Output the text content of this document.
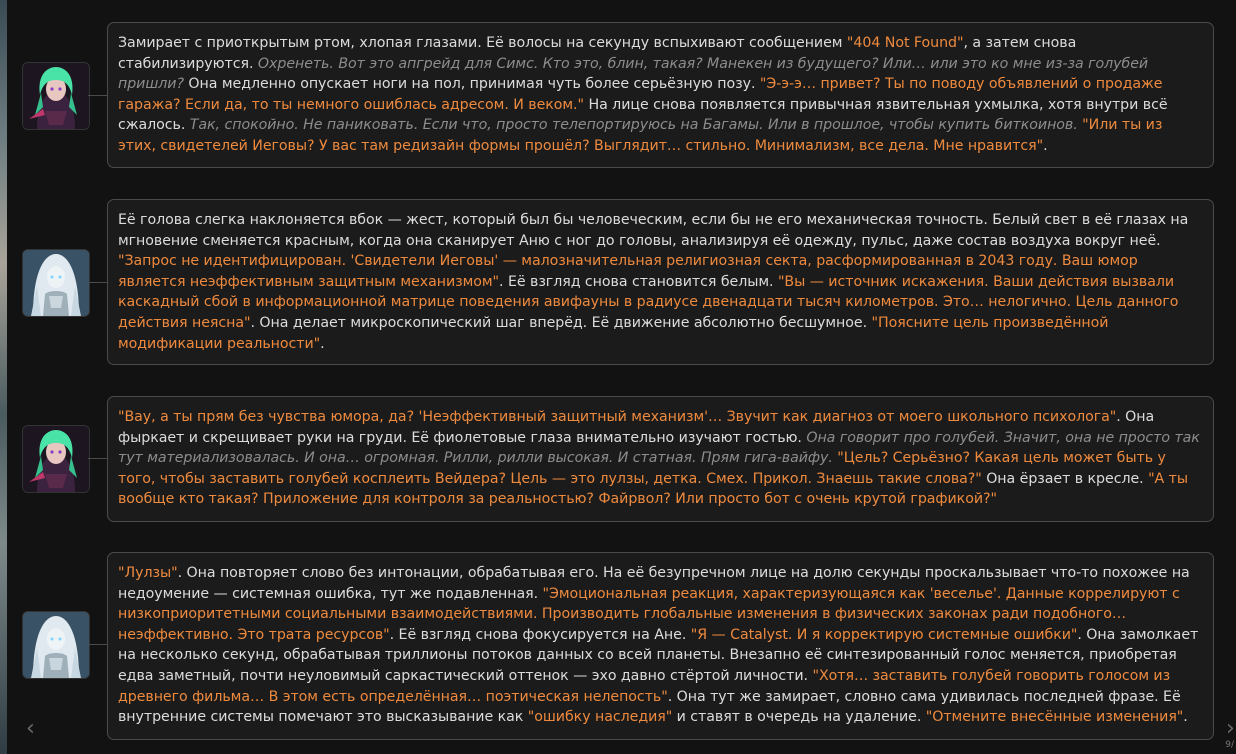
Замирает с приоткрытым ртом, хлопая глазами. Её волосы на секунду вспыхивают сообщением "404 Not Found", а затем снова стабилизируются. Охренеть. Вот это апгрейд для Симс. Кто это, блин, такая? Манекен из будущего? Или… или это ко мне из-за голубей пришли? Она медленно опускает ноги на пол, принимая чуть более серьёзную позу. "Э-э-э… привет? Ты по поводу объявлений о продаже гаража? Если да, то ты немного ошиблась адресом. И веком." На лице снова появляется привычная язвительная ухмылка, хотя внутри всё сжалось. Так, спокойно. Не паниковать. Если что, просто телепортируюсь на Багамы. Или в прошлое, чтобы купить биткоинов. "Или ты из этих, свидетелей Иеговы? У вас там редизайн формы прошёл? Выглядит… стильно. Минимализм, все дела. Мне нравится".

Её голова слегка наклоняется вбок — жест, который был бы человеческим, если бы не его механическая точность. Белый свет в её глазах на мгновение сменяется красным, когда она сканирует Аню с ног до головы, анализируя её одежду, пульс, даже состав воздуха вокруг неё. "Запрос не идентифицирован. 'Свидетели Иеговы' — малозначительная религиозная секта, расформированная в 2043 году. Ваш юмор является неэффективным защитным механизмом". Её взгляд снова становится белым. "Вы — источник искажения. Ваши действия вызвали каскадный сбой в информационной матрице поведения авифауны в радиусе двенадцати тысяч километров. Это… нелогично. Цель данного действия неясна". Она делает микроскопический шаг вперёд. Её движение абсолютно бесшумное. "Поясните цель произведённой модификации реальности".

"Вау, а ты прям без чувства юмора, да? 'Неэффективный защитный механизм'… Звучит как диагноз от моего школьного психолога". Она фыркает и скрещивает руки на груди. Её фиолетовые глаза внимательно изучают гостью. Она говорит про голубей. Значит, она не просто так тут материализовалась. И она… огромная. Рилли, рилли высокая. И статная. Прям гига-вайфу. "Цель? Серьёзно? Какая цель может быть у того, чтобы заставить голубей косплеить Вейдера? Цель — это лулзы, детка. Смех. Прикол. Знаешь такие слова?" Она ёрзает в кресле. "А ты вообще кто такая? Приложение для контроля за реальностью? Файрвол? Или просто бот с очень крутой графикой?"

"Лулзы". Она повторяет слово без интонации, обрабатывая его. На её безупречном лице на долю секунды проскальзывает что-то похожее на недоумение — системная ошибка, тут же подавленная. "Эмоциональная реакция, характеризующаяся как 'веселье'. Данные коррелируют с низкоприоритетными социальными взаимодействиями. Производить глобальные изменения в физических законах ради подобного… неэффективно. Это трата ресурсов". Её взгляд снова фокусируется на Ане. "Я — Catalyst. И я корректирую системные ошибки". Она замолкает на несколько секунд, обрабатывая триллионы потоков данных со всей планеты. Внезапно её синтезированный голос меняется, приобретая едва заметный, почти неуловимый саркастический оттенок — эхо давно стёртой личности. "Хотя… заставить голубей говорить голосом из древнего фильма… В этом есть определённая… поэтическая нелепость". Она тут же замирает, словно сама удивилась последней фразе. Её внутренние системы помечают это высказывание как "ошибку наследия" и ставят в очередь на удаление. "Отмените внесённые изменения".

‹	›
9/
